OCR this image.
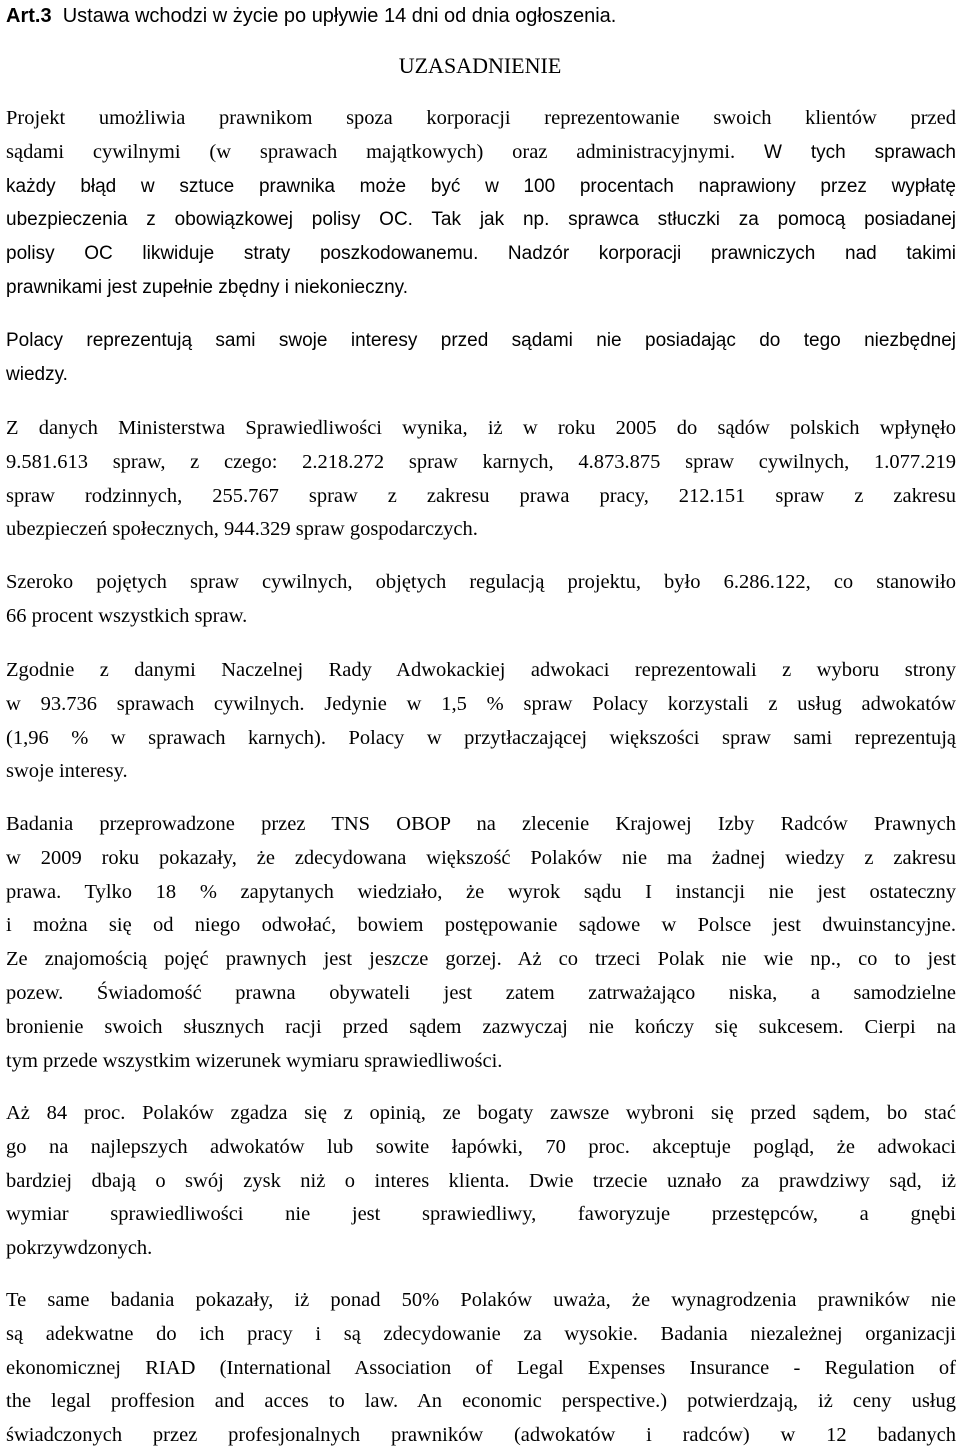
Art.3 Ustawa wchodzi w życie po upływie 14 dni od dnia ogłoszenia.
UZASADNIENIE
Projekt umożliwia prawnikom spoza korporacji reprezentowanie swoich klientów przed
sądami cywilnymi (w sprawach majątkowych) oraz administracyjnymi. W tych sprawach
każdy błąd w sztuce prawnika może być w 100 procentach naprawiony przez wypłatę
ubezpieczenia z obowiązkowej polisy OC. Tak jak np. sprawca stłuczki za pomocą posiadanej
polisy OC likwiduje straty poszkodowanemu. Nadzór korporacji prawniczych nad takimi
prawnikami jest zupełnie zbędny i niekonieczny.
Polacy reprezentują sami swoje interesy przed sądami nie posiadając do tego niezbędnej
wiedzy.
Z danych Ministerstwa Sprawiedliwości wynika, iż w roku 2005 do sądów polskich wpłynęło
9.581.613 spraw, z czego: 2.218.272 spraw karnych, 4.873.875 spraw cywilnych, 1.077.219
spraw rodzinnych, 255.767 spraw z zakresu prawa pracy, 212.151 spraw z zakresu
ubezpieczeń społecznych, 944.329 spraw gospodarczych.
Szeroko pojętych spraw cywilnych, objętych regulacją projektu, było 6.286.122, co stanowiło
66 procent wszystkich spraw.
Zgodnie z danymi Naczelnej Rady Adwokackiej adwokaci reprezentowali z wyboru strony
w 93.736 sprawach cywilnych. Jedynie w 1,5 % spraw Polacy korzystali z usług adwokatów
(1,96 % w sprawach karnych). Polacy w przytłaczającej większości spraw sami reprezentują
swoje interesy.
Badania przeprowadzone przez TNS OBOP na zlecenie Krajowej Izby Radców Prawnych
w 2009 roku pokazały, że zdecydowana większość Polaków nie ma żadnej wiedzy z zakresu
prawa. Tylko 18 % zapytanych wiedziało, że wyrok sądu I instancji nie jest ostateczny
i można się od niego odwołać, bowiem postępowanie sądowe w Polsce jest dwuinstancyjne.
Ze znajomością pojęć prawnych jest jeszcze gorzej. Aż co trzeci Polak nie wie np., co to jest
pozew. Świadomość prawna obywateli jest zatem zatrważająco niska, a samodzielne
bronienie swoich słusznych racji przed sądem zazwyczaj nie kończy się sukcesem. Cierpi na
tym przede wszystkim wizerunek wymiaru sprawiedliwości.
Aż 84 proc. Polaków zgadza się z opinią, ze bogaty zawsze wybroni się przed sądem, bo stać
go na najlepszych adwokatów lub sowite łapówki, 70 proc. akceptuje pogląd, że adwokaci
bardziej dbają o swój zysk niż o interes klienta. Dwie trzecie uznało za prawdziwy sąd, iż
wymiar sprawiedliwości nie jest sprawiedliwy, faworyzuje przestępców, a gnębi
pokrzywdzonych.
Te same badania pokazały, iż ponad 50% Polaków uważa, że wynagrodzenia prawników nie
są adekwatne do ich pracy i są zdecydowanie za wysokie. Badania niezależnej organizacji
ekonomicznej RIAD (International Association of Legal Expenses Insurance - Regulation of
the legal proffesion and acces to law. An economic perspective.) potwierdzają, iż ceny usług
świadczonych przez profesjonalnych prawników (adwokatów i radców) w 12 badanych
